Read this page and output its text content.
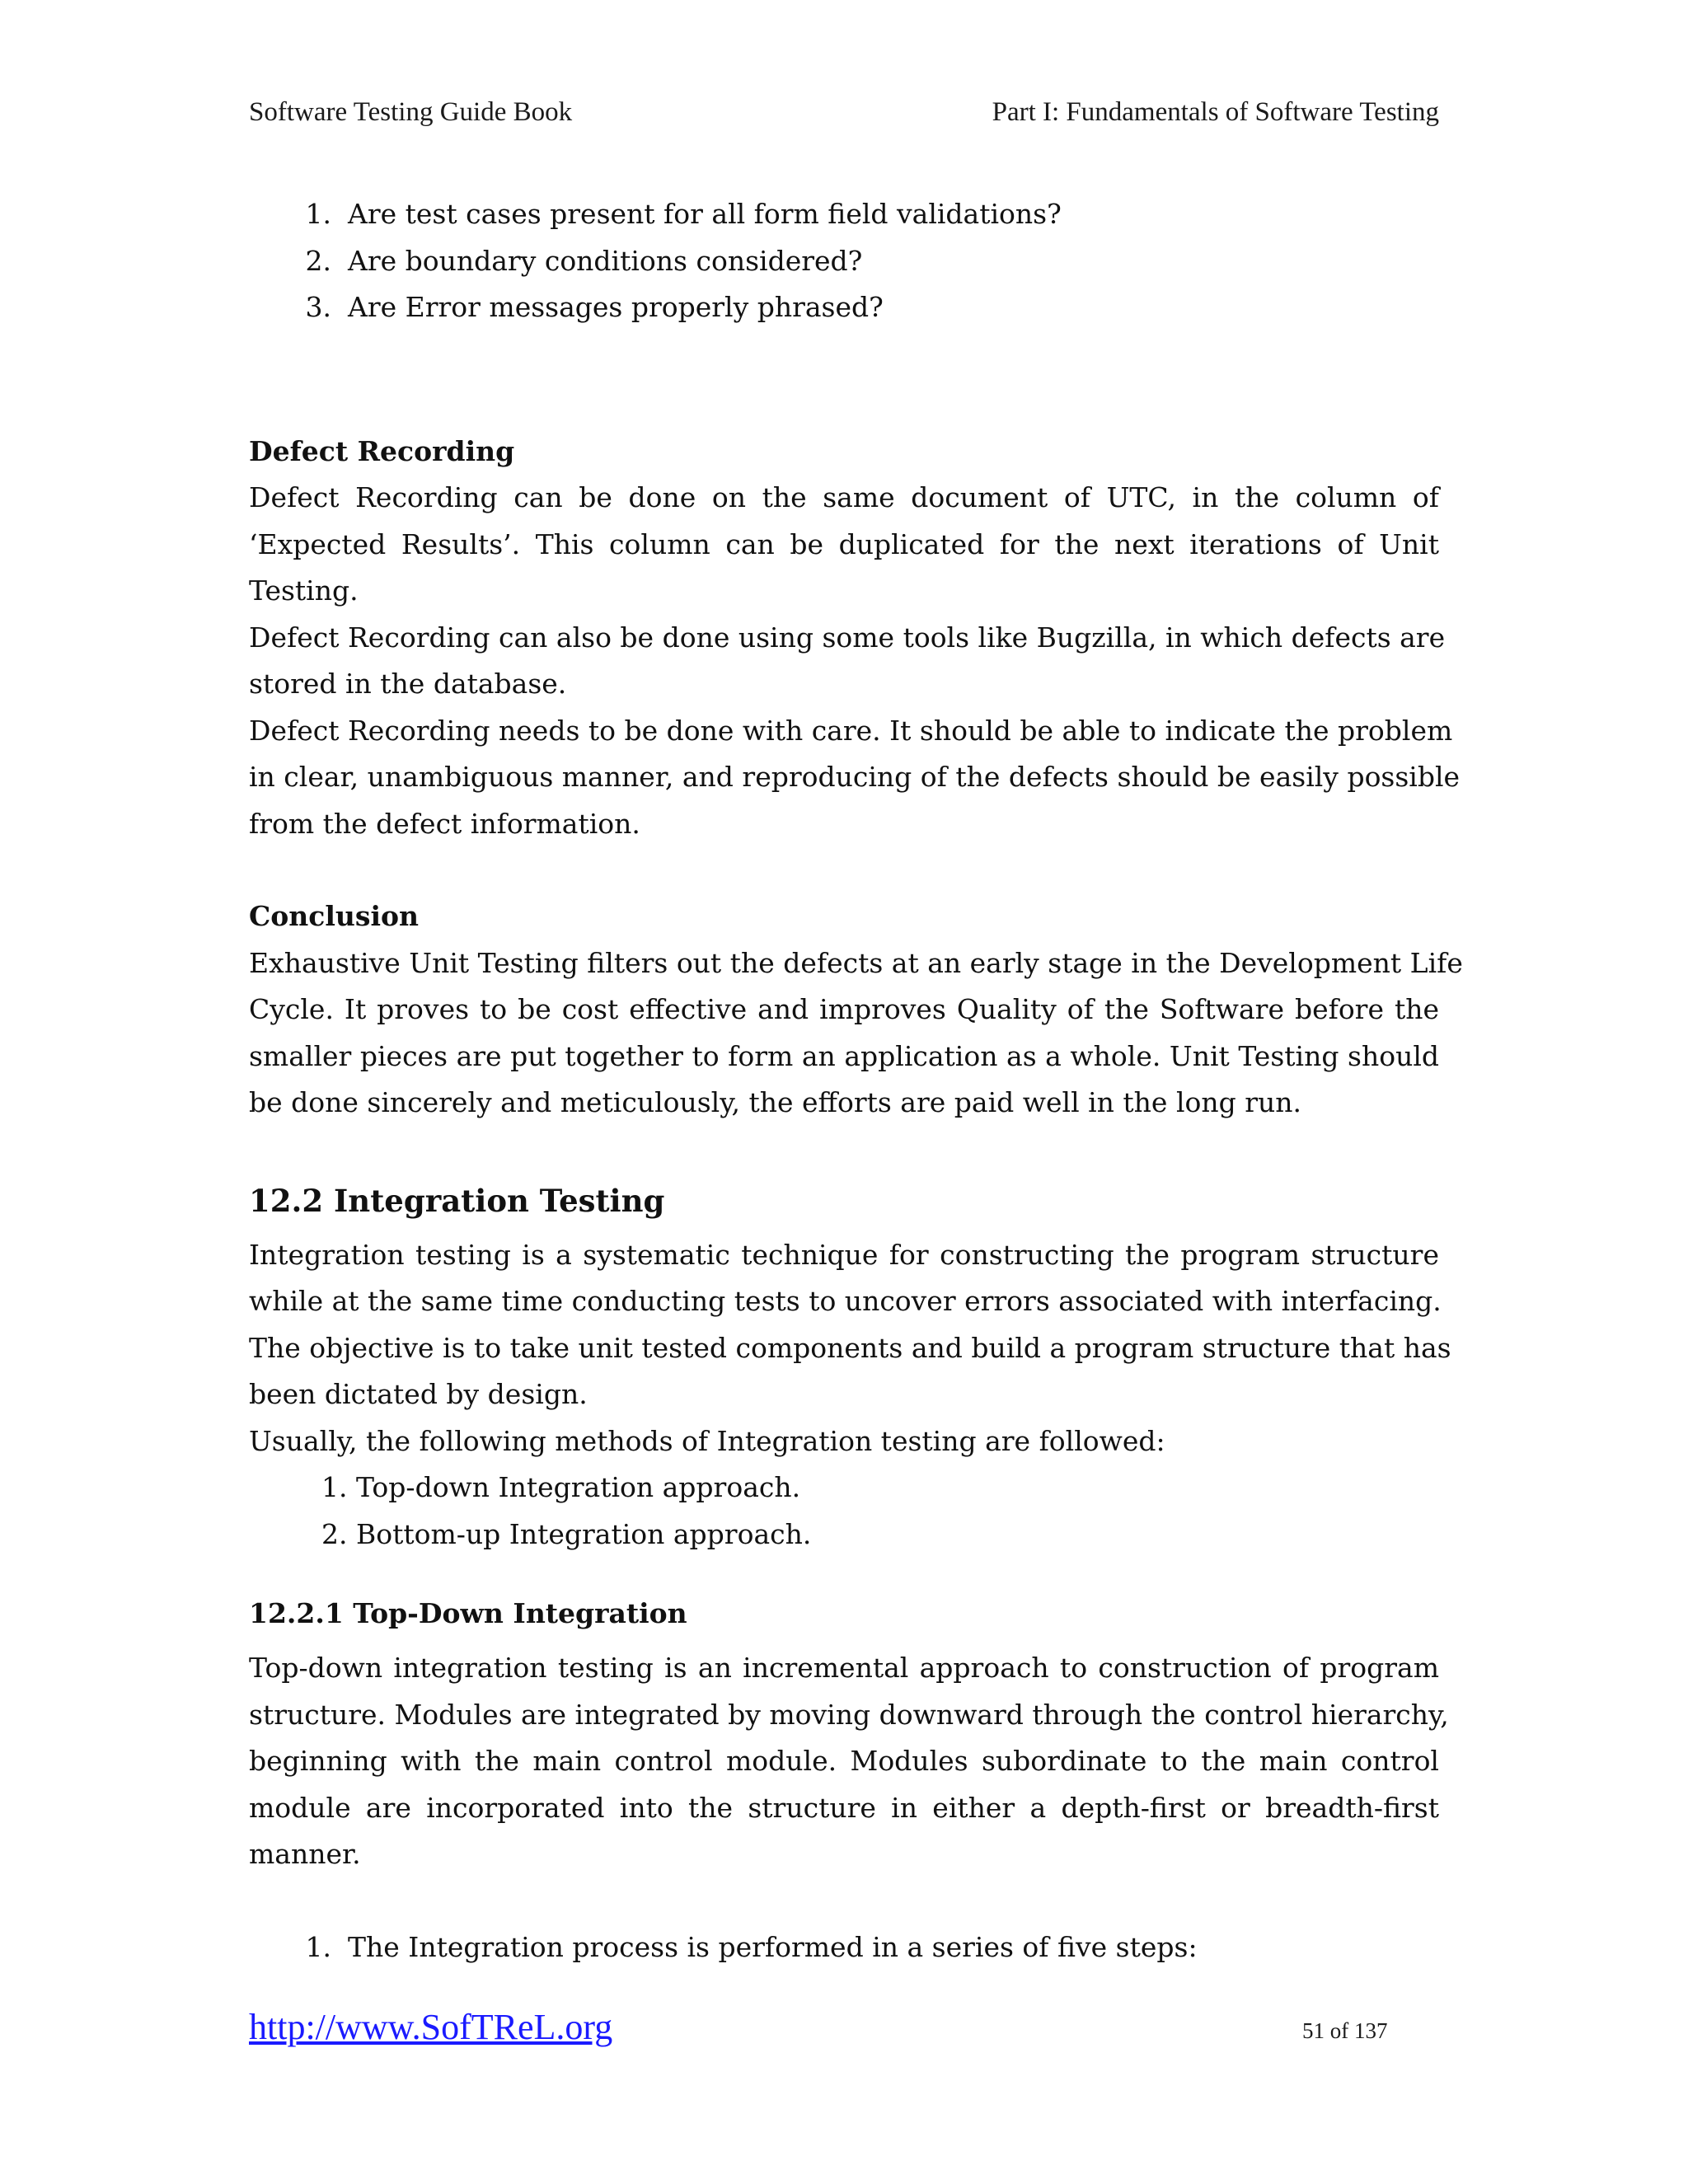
Software Testing Guide Book	Part I: Fundamentals of Software Testing
1. Are test cases present for all form field validations?
2. Are boundary conditions considered?
3. Are Error messages properly phrased?
Defect Recording
Defect Recording can be done on the same document of UTC, in the column of
‘Expected Results’. This column can be duplicated for the next iterations of Unit
Testing.
Defect Recording can also be done using some tools like Bugzilla, in which defects are
stored in the database.
Defect Recording needs to be done with care. It should be able to indicate the problem
in clear, unambiguous manner, and reproducing of the defects should be easily possible
from the defect information.
Conclusion
Exhaustive Unit Testing filters out the defects at an early stage in the Development Life
Cycle. It proves to be cost effective and improves Quality of the Software before the
smaller pieces are put together to form an application as a whole. Unit Testing should
be done sincerely and meticulously, the efforts are paid well in the long run.
12.2 Integration Testing
Integration testing is a systematic technique for constructing the program structure
while at the same time conducting tests to uncover errors associated with interfacing.
The objective is to take unit tested components and build a program structure that has
been dictated by design.
Usually, the following methods of Integration testing are followed:
1. Top-down Integration approach.
2. Bottom-up Integration approach.
12.2.1 Top-Down Integration
Top-down integration testing is an incremental approach to construction of program
structure. Modules are integrated by moving downward through the control hierarchy,
beginning with the main control module. Modules subordinate to the main control
module are incorporated into the structure in either a depth-first or breadth-first
manner.
1. The Integration process is performed in a series of five steps:
http://www.SofTReL.org	51 of 137
